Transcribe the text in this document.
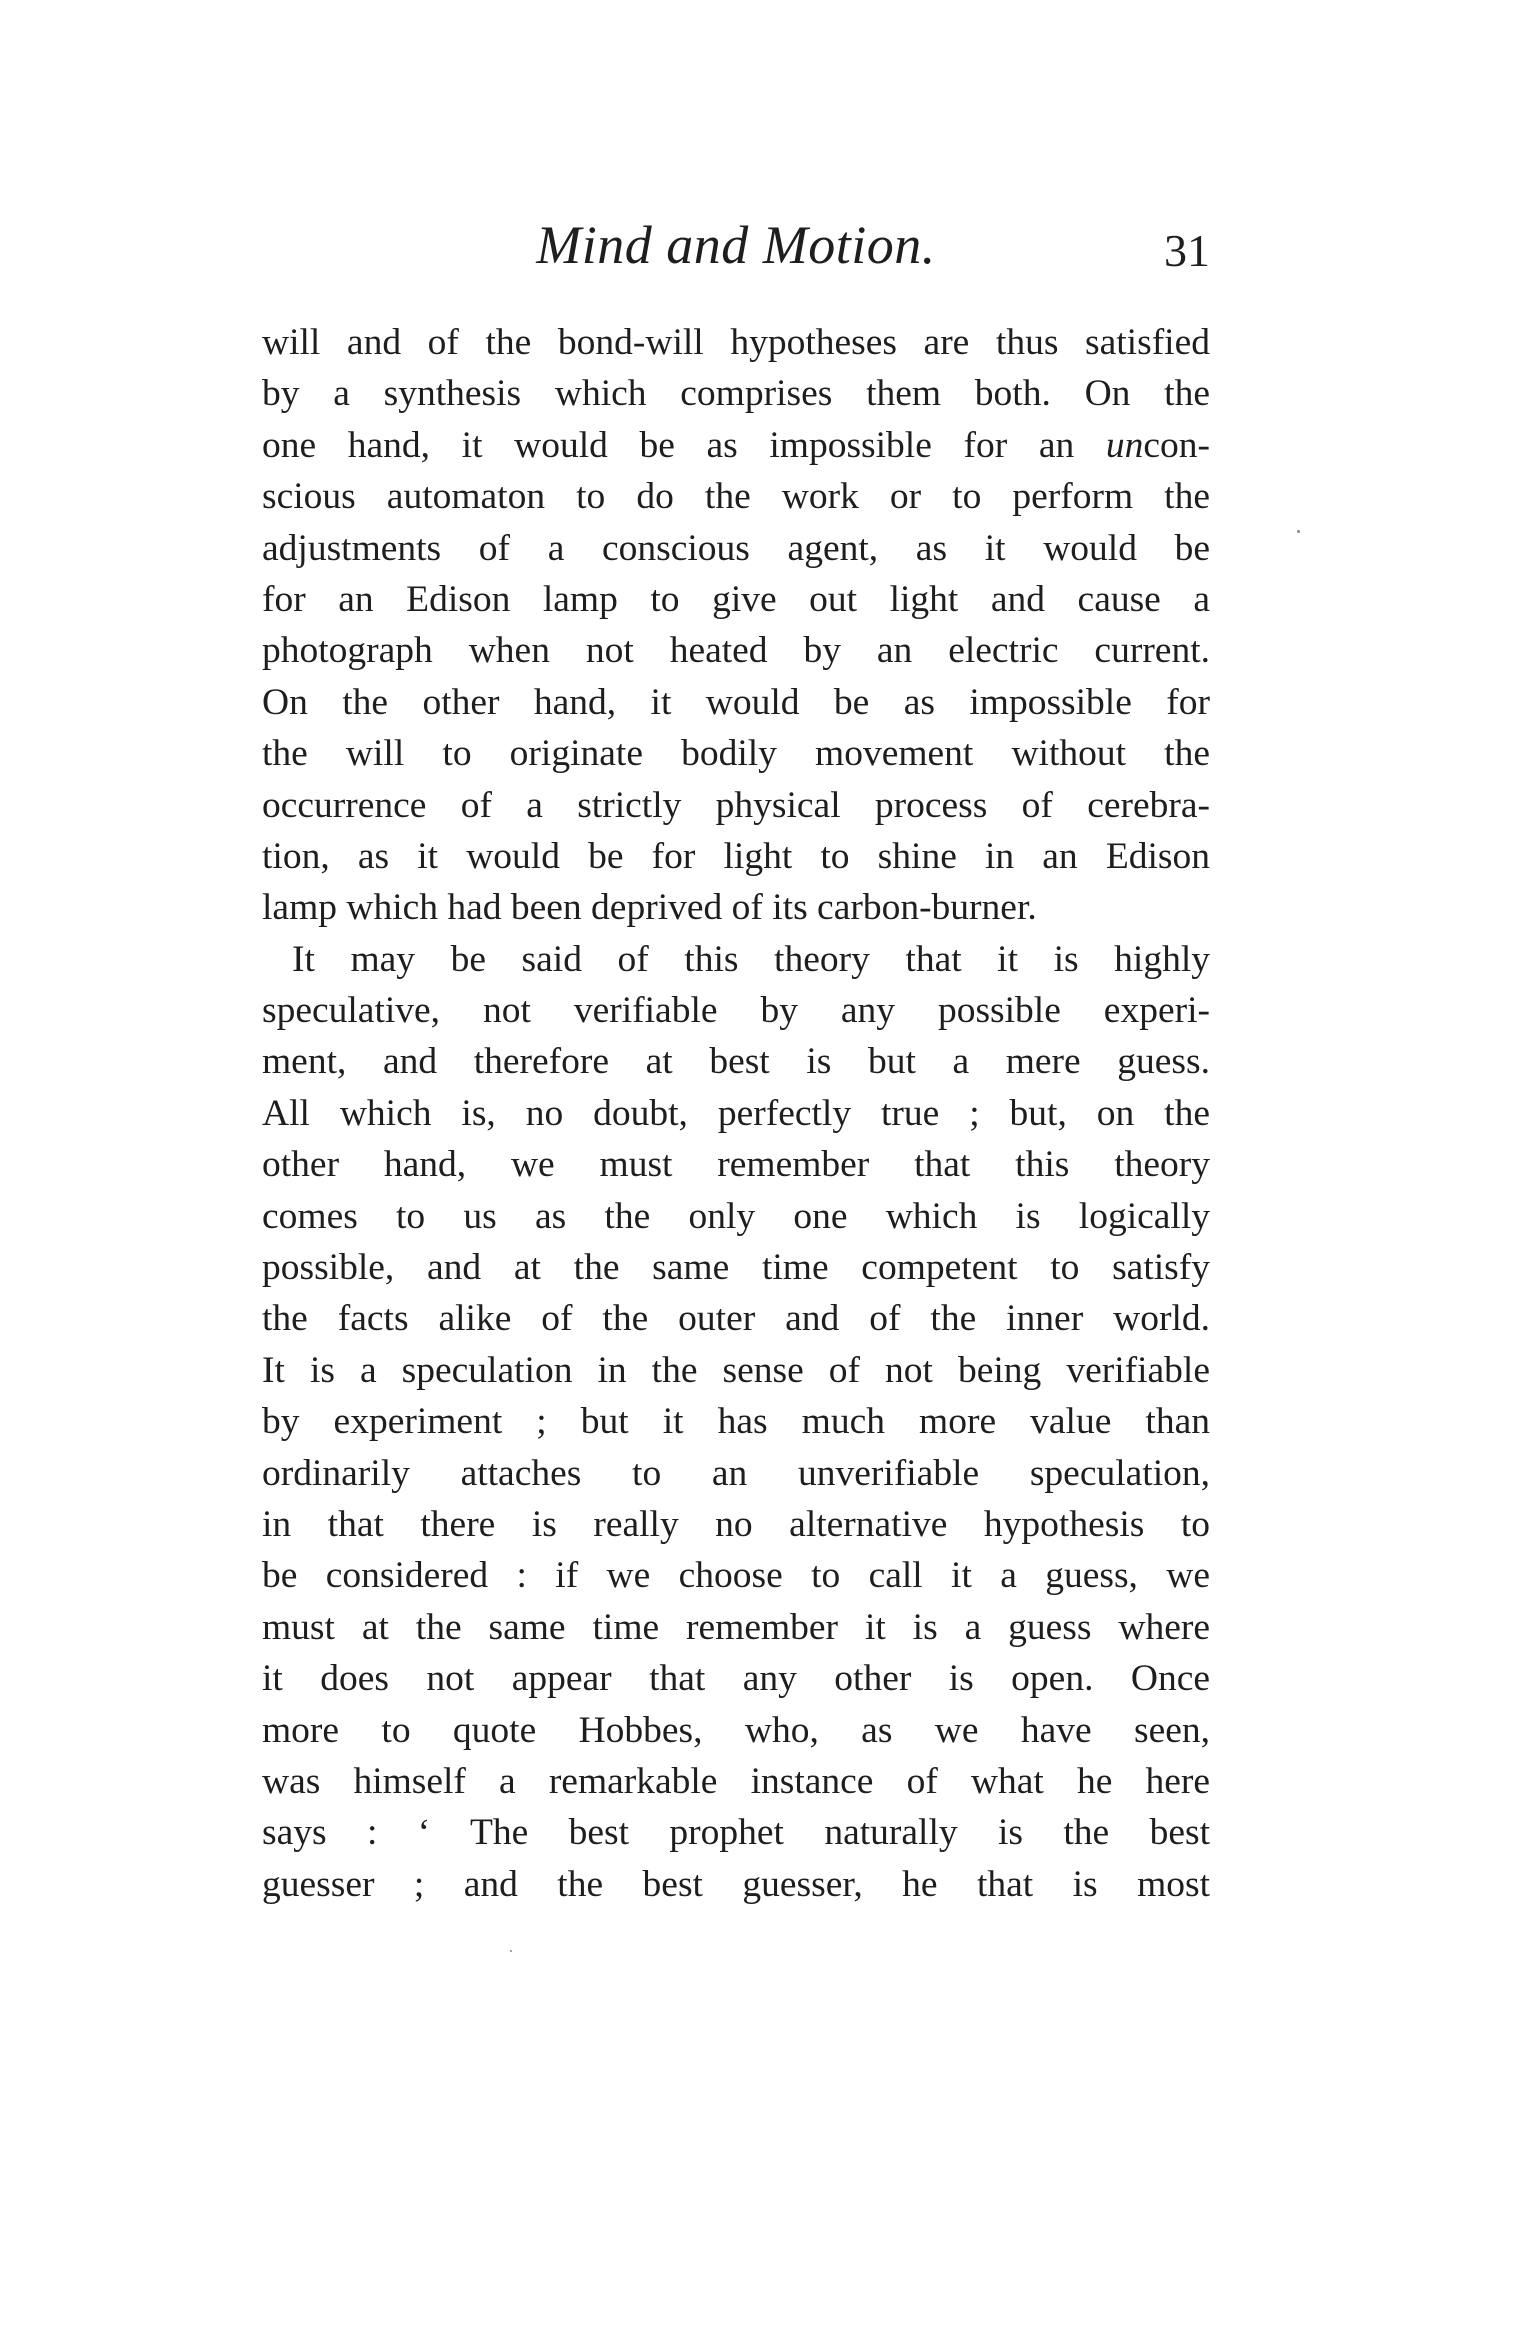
Mind and Motion.	31
will and of the bond-will hypotheses are thus satisfied
by a synthesis which comprises them both. On the
one hand, it would be as impossible for an uncon-
scious automaton to do the work or to perform the
adjustments of a conscious agent, as it would be
for an Edison lamp to give out light and cause a
photograph when not heated by an electric current.
On the other hand, it would be as impossible for
the will to originate bodily movement without the
occurrence of a strictly physical process of cerebra-
tion, as it would be for light to shine in an Edison
lamp which had been deprived of its carbon-burner.
It may be said of this theory that it is highly
speculative, not verifiable by any possible experi-
ment, and therefore at best is but a mere guess.
All which is, no doubt, perfectly true ; but, on the
other hand, we must remember that this theory
comes to us as the only one which is logically
possible, and at the same time competent to satisfy
the facts alike of the outer and of the inner world.
It is a speculation in the sense of not being verifiable
by experiment ; but it has much more value than
ordinarily attaches to an unverifiable speculation,
in that there is really no alternative hypothesis to
be considered : if we choose to call it a guess, we
must at the same time remember it is a guess where
it does not appear that any other is open. Once
more to quote Hobbes, who, as we have seen,
was himself a remarkable instance of what he here
says : ‘ The best prophet naturally is the best
guesser ; and the best guesser, he that is most
